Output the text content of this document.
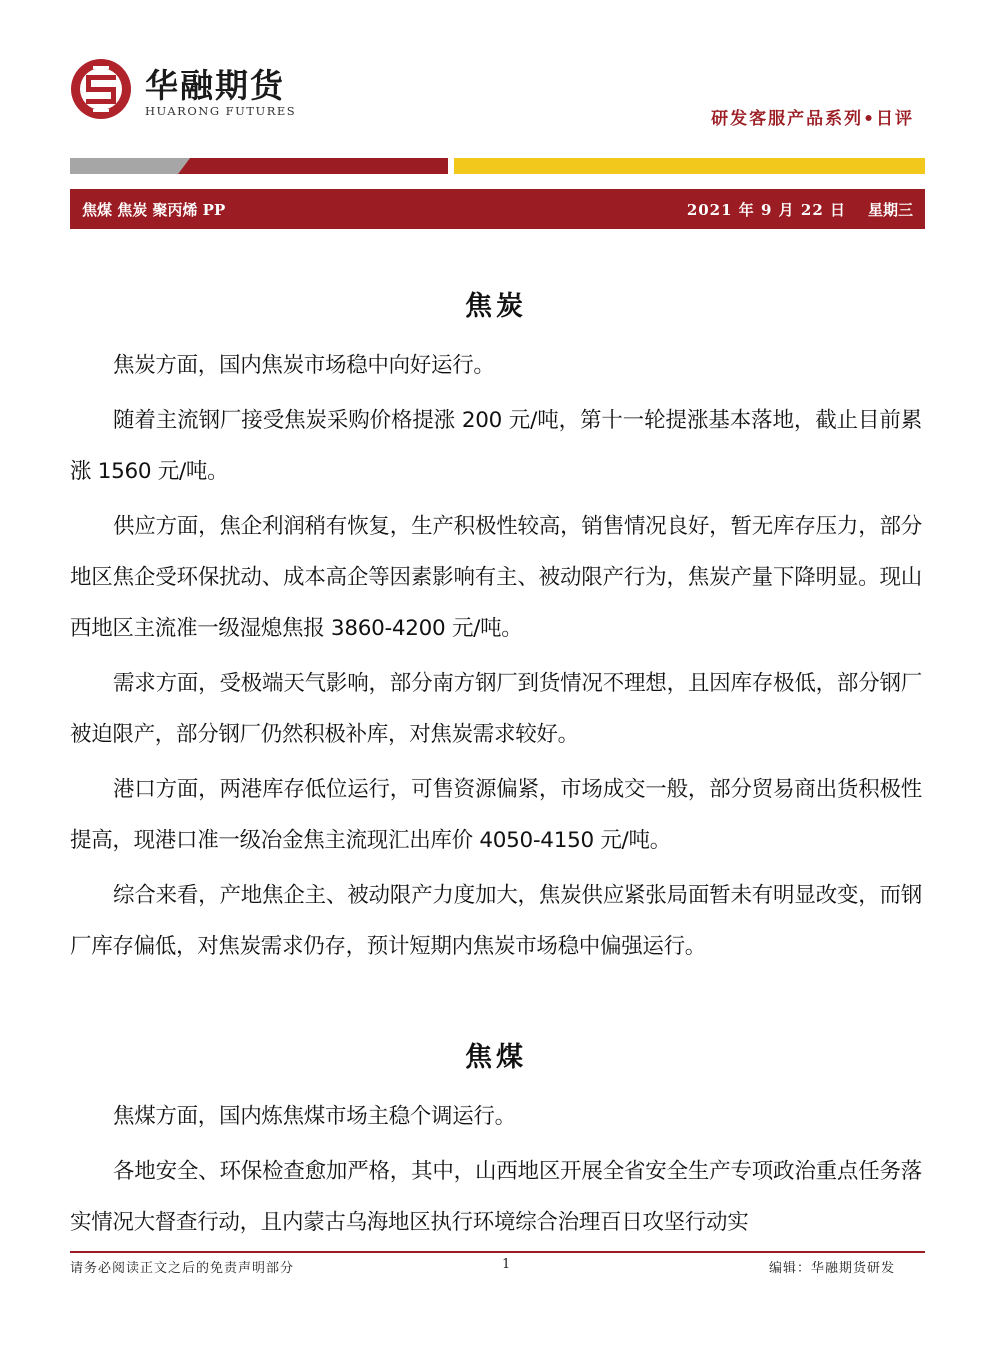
华融期货
HUARONG FUTURES	研发客服产品系列•日评
焦煤 焦炭 聚丙烯 PP	2021 年 9 月 22 日 星期三
焦炭

焦炭方面，国内焦炭市场稳中向好运行。

随着主流钢厂接受焦炭采购价格提涨 200 元/吨，第十一轮提涨基本落地，截止目前累涨 1560 元/吨。

供应方面，焦企利润稍有恢复，生产积极性较高，销售情况良好，暂无库存压力，部分地区焦企受环保扰动、成本高企等因素影响有主、被动限产行为，焦炭产量下降明显。现山西地区主流准一级湿熄焦报 3860-4200 元/吨。

需求方面，受极端天气影响，部分南方钢厂到货情况不理想，且因库存极低，部分钢厂被迫限产，部分钢厂仍然积极补库，对焦炭需求较好。

港口方面，两港库存低位运行，可售资源偏紧，市场成交一般，部分贸易商出货积极性提高，现港口准一级冶金焦主流现汇出库价 4050-4150 元/吨。

综合来看，产地焦企主、被动限产力度加大，焦炭供应紧张局面暂未有明显改变，而钢厂库存偏低，对焦炭需求仍存，预计短期内焦炭市场稳中偏强运行。

焦煤

焦煤方面，国内炼焦煤市场主稳个调运行。

各地安全、环保检查愈加严格，其中，山西地区开展全省安全生产专项政治重点任务落实情况大督查行动，且内蒙古乌海地区执行环境综合治理百日攻坚行动实

请务必阅读正文之后的免责声明部分	1	编辑：华融期货研发
